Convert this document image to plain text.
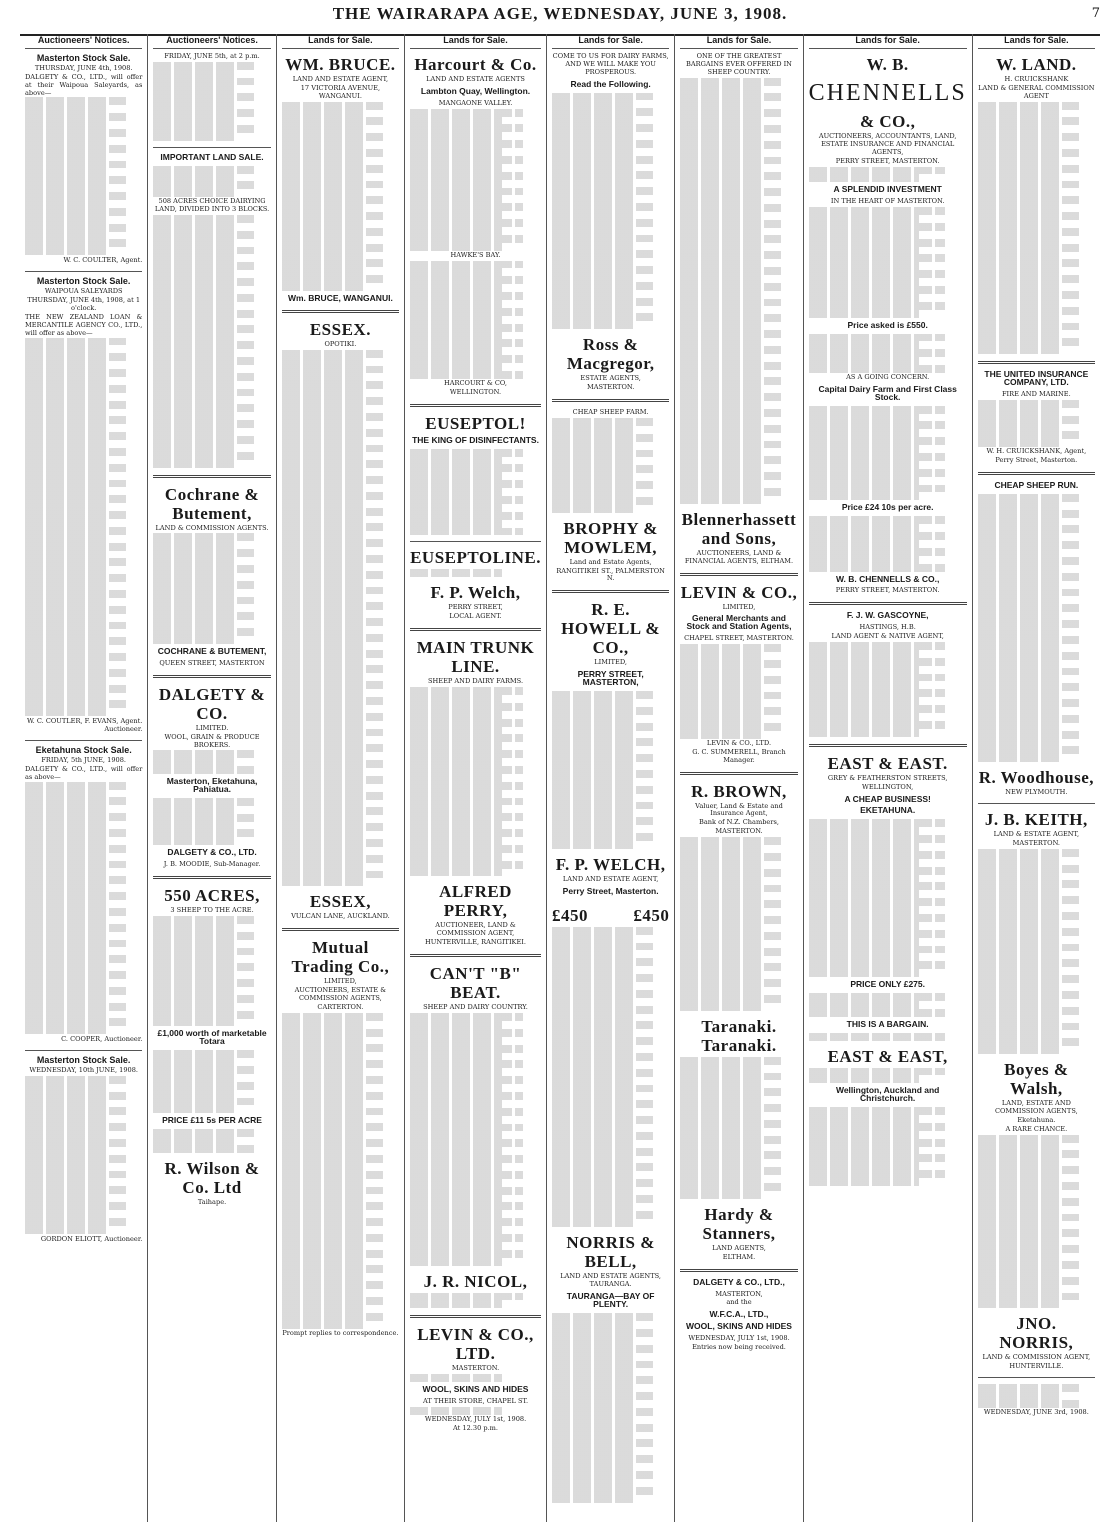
THE WAIRARAPA AGE, WEDNESDAY, JUNE 3, 1908.	7
Auctioneers' Notices.
Masterton Stock Sale.
THURSDAY, JUNE 4th, 1908.
DALGETY & CO., LTD., will offer at their Waipoua Saleyards, as above—
W. C. COULTER, Agent.
Masterton Stock Sale.
WAIPOUA SALEYARDS
THURSDAY, JUNE 4th, 1908, at 1 o'clock.
THE NEW ZEALAND LOAN & MERCANTILE AGENCY CO., LTD., will offer as above—
W. C. COUTLER, F. EVANS, Agent. Auctioneer.
Eketahuna Stock Sale.
FRIDAY, 5th JUNE, 1908.
DALGETY & CO., LTD., will offer as above—
C. COOPER, Auctioneer.
Masterton Stock Sale.
WEDNESDAY, 10th JUNE, 1908.
GORDON ELIOTT, Auctioneer.
Auctioneers' Notices.
FRIDAY, JUNE 5th, at 2 p.m.
IMPORTANT LAND SALE.
508 ACRES CHOICE DAIRYING LAND, DIVIDED INTO 3 BLOCKS.
Cochrane & Butement,
LAND & COMMISSION AGENTS.
COCHRANE & BUTEMENT,
QUEEN STREET, MASTERTON
DALGETY & CO.
LIMITED.
WOOL, GRAIN & PRODUCE BROKERS.
Masterton, Eketahuna, Pahiatua.
DALGETY & CO., LTD.
J. B. MOODIE, Sub-Manager.
550 ACRES,
3 SHEEP TO THE ACRE.
£1,000 worth of marketable Totara
PRICE £11 5s PER ACRE
R. Wilson & Co. Ltd
Taihape.
Lands for Sale.
WM. BRUCE.
LAND AND ESTATE AGENT,
17 VICTORIA AVENUE, WANGANUI.
Wm. BRUCE, WANGANUI.
ESSEX.
OPOTIKI.
ESSEX,
VULCAN LANE, AUCKLAND.
Mutual Trading Co.,
LIMITED,
AUCTIONEERS, ESTATE & COMMISSION AGENTS,
CARTERTON.
Prompt replies to correspondence.
Lands for Sale.
Harcourt & Co.
LAND AND ESTATE AGENTS
Lambton Quay, Wellington.
MANGAONE VALLEY.
HAWKE'S BAY.
HARCOURT & CO,
WELLINGTON.
EUSEPTOL!
THE KING OF DISINFECTANTS.
EUSEPTOLINE.
F. P. Welch,
PERRY STREET,
LOCAL AGENT.
MAIN TRUNK LINE.
SHEEP AND DAIRY FARMS.
ALFRED PERRY,
AUCTIONEER, LAND & COMMISSION AGENT,
HUNTERVILLE, RANGITIKEI.
CAN'T "B" BEAT.
SHEEP AND DAIRY COUNTRY.
J. R. NICOL,
LEVIN & CO., LTD.
MASTERTON.
WOOL, SKINS AND HIDES
AT THEIR STORE, CHAPEL ST.
WEDNESDAY, JULY 1st, 1908.
At 12.30 p.m.
Lands for Sale.
COME TO US FOR DAIRY FARMS, AND WE WILL MAKE YOU PROSPEROUS.
Read the Following.
Ross & Macgregor,
ESTATE AGENTS,
MASTERTON.
CHEAP SHEEP FARM.
BROPHY & MOWLEM,
Land and Estate Agents,
RANGITIKEI ST., PALMERSTON N.
R. E. HOWELL & CO.,
LIMITED,
PERRY STREET, MASTERTON,
F. P. WELCH,
LAND AND ESTATE AGENT,
Perry Street, Masterton.
£450	£450
NORRIS & BELL,
LAND AND ESTATE AGENTS,
TAURANGA.
TAURANGA—BAY OF PLENTY.
Lands for Sale.
ONE OF THE GREATEST BARGAINS EVER OFFERED IN SHEEP COUNTRY.
Blennerhassett and Sons,
AUCTIONEERS, LAND & FINANCIAL AGENTS, ELTHAM.
LEVIN & CO.,
LIMITED,
General Merchants and Stock and Station Agents,
CHAPEL STREET, MASTERTON.
LEVIN & CO., LTD.
G. C. SUMMERELL, Branch Manager.
R. BROWN,
Valuer, Land & Estate and Insurance Agent,
Bank of N.Z. Chambers,
MASTERTON.
Taranaki. Taranaki.
Hardy & Stanners,
LAND AGENTS,
ELTHAM.
DALGETY & CO., LTD.,
MASTERTON,
and the
W.F.C.A., LTD.,
WOOL, SKINS AND HIDES
WEDNESDAY, JULY 1st, 1908.
Entries now being received.
Lands for Sale.
W. B.
CHENNELLS
& CO.,
AUCTIONEERS, ACCOUNTANTS, LAND, ESTATE INSURANCE AND FINANCIAL AGENTS,
PERRY STREET, MASTERTON.
A SPLENDID INVESTMENT
IN THE HEART OF MASTERTON.
Price asked is £550.
AS A GOING CONCERN.
Capital Dairy Farm and First Class Stock.
Price £24 10s per acre.
W. B. CHENNELLS & CO.,
PERRY STREET, MASTERTON.
F. J. W. GASCOYNE,
HASTINGS, H.B.
LAND AGENT & NATIVE AGENT,
EAST & EAST.
GREY & FEATHERSTON STREETS,
WELLINGTON,
A CHEAP BUSINESS!
EKETAHUNA.
PRICE ONLY £275.
THIS IS A BARGAIN.
EAST & EAST,
Wellington, Auckland and Christchurch.
Lands for Sale.
W. LAND.
H. CRUICKSHANK
LAND & GENERAL COMMISSION AGENT
THE UNITED INSURANCE COMPANY, LTD.
FIRE AND MARINE.
W. H. CRUICKSHANK, Agent,
Perry Street, Masterton.
CHEAP SHEEP RUN.
R. Woodhouse,
NEW PLYMOUTH.
J. B. KEITH,
LAND & ESTATE AGENT,
MASTERTON.
Boyes & Walsh,
LAND, ESTATE AND COMMISSION AGENTS,
Eketahuna.
A RARE CHANCE.
JNO. NORRIS,
LAND & COMMISSION AGENT,
HUNTERVILLE.
WEDNESDAY, JUNE 3rd, 1908.
